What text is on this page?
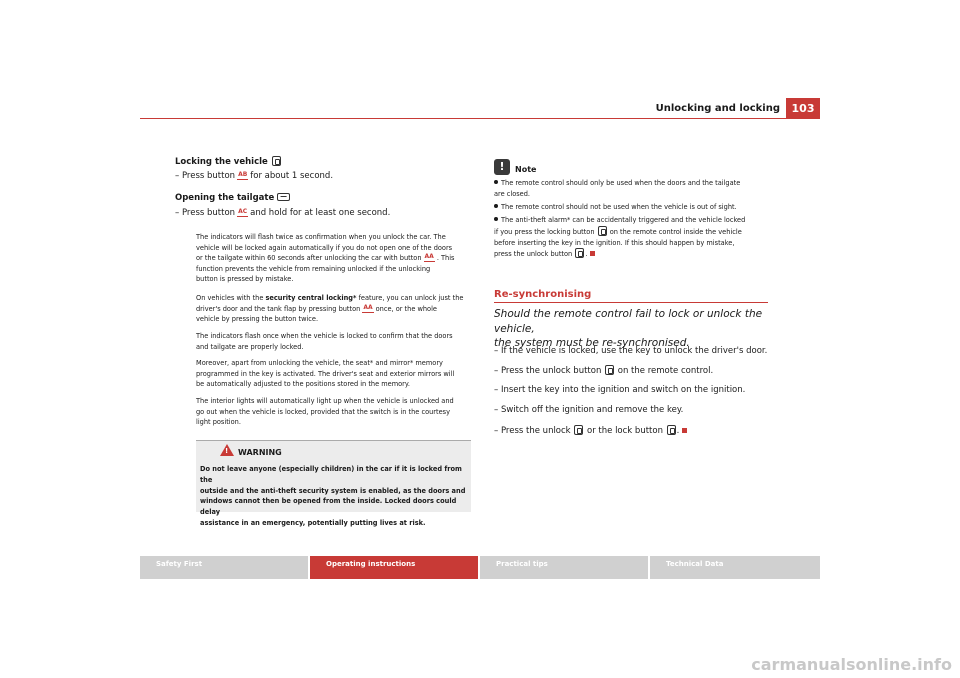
Unlocking and locking	103
Locking the vehicle
– Press button AB for about 1 second.
Opening the tailgate
– Press button AC and hold for at least one second.
The indicators will flash twice as confirmation when you unlock the car. The
vehicle will be locked again automatically if you do not open one of the doors
or the tailgate within 60 seconds after unlocking the car with button AA . This
function prevents the vehicle from remaining unlocked if the unlocking
button is pressed by mistake.
On vehicles with the security central locking* feature, you can unlock just the
driver's door and the tank flap by pressing button AA once, or the whole
vehicle by pressing the button twice.
The indicators flash once when the vehicle is locked to confirm that the doors
and tailgate are properly locked.
Moreover, apart from unlocking the vehicle, the seat* and mirror* memory
programmed in the key is activated. The driver's seat and exterior mirrors will
be automatically adjusted to the positions stored in the memory.
The interior lights will automatically light up when the vehicle is unlocked and
go out when the vehicle is locked, provided that the switch is in the courtesy
light position.
! WARNING
Do not leave anyone (especially children) in the car if it is locked from the
outside and the anti-theft security system is enabled, as the doors and
windows cannot then be opened from the inside. Locked doors could delay
assistance in an emergency, potentially putting lives at risk.
!	Note
The remote control should only be used when the doors and the tailgate
are closed.
The remote control should not be used when the vehicle is out of sight.
The anti-theft alarm* can be accidentally triggered and the vehicle locked
if you press the locking button on the remote control inside the vehicle
before inserting the key in the ignition. If this should happen by mistake,
press the unlock button .
Re-synchronising
Should the remote control fail to lock or unlock the vehicle,
the system must be re-synchronised.
– If the vehicle is locked, use the key to unlock the driver's door.
– Press the unlock button on the remote control.
– Insert the key into the ignition and switch on the ignition.
– Switch off the ignition and remove the key.
– Press the unlock or the lock button .
Safety First	Operating instructions	Practical tips	Technical Data
carmanualsonline.info
